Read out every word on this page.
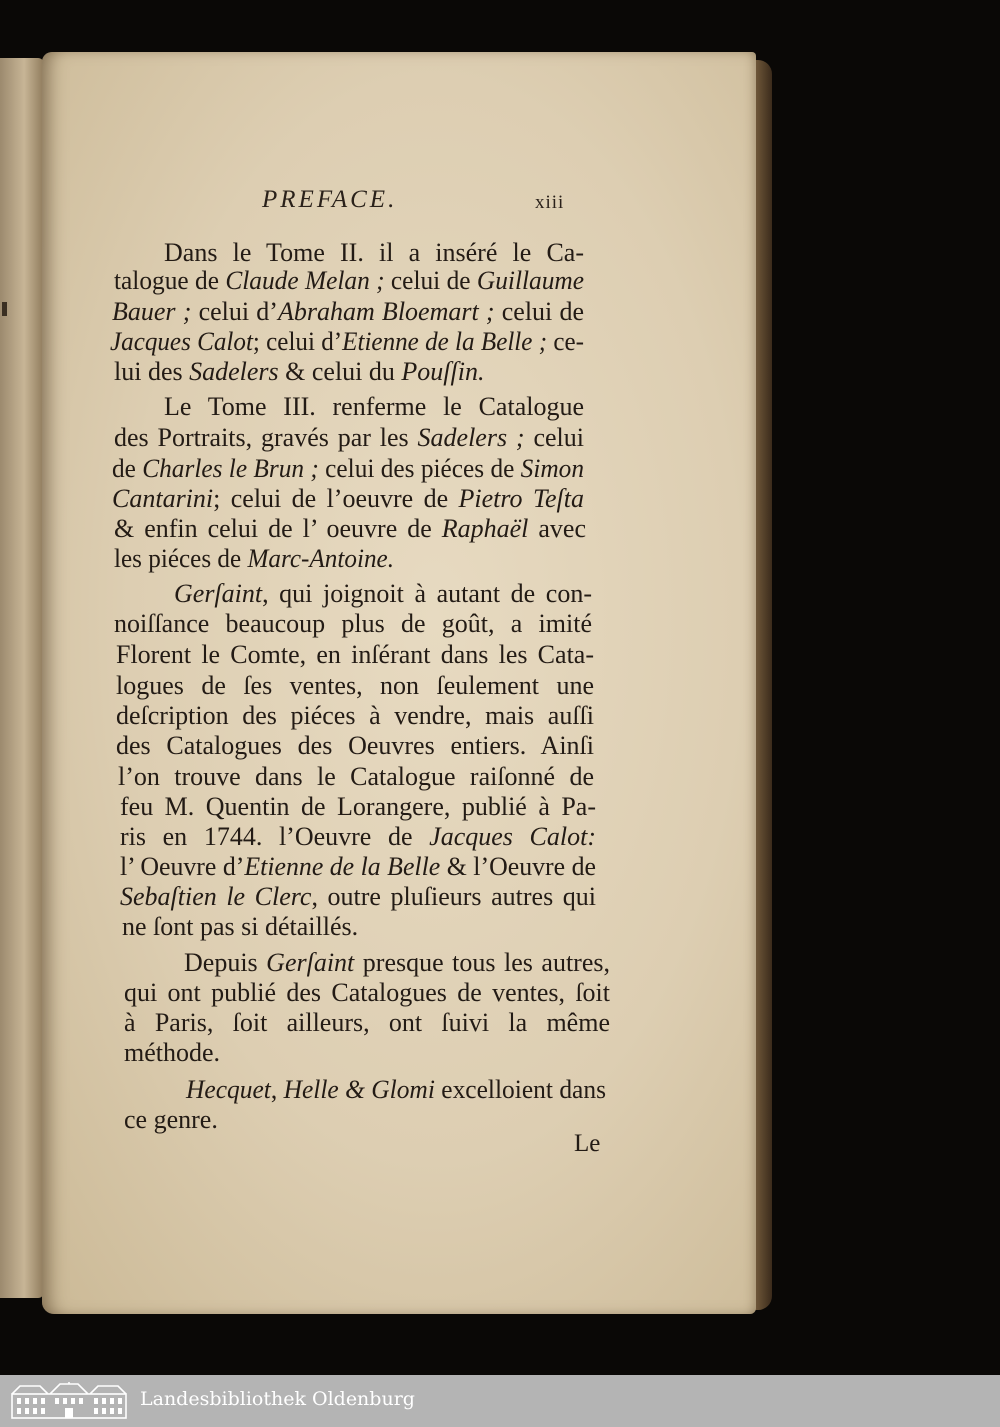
PREFACE.	xiii
Dans le Tome II. il a inséré le Ca-
talogue de Claude Melan ; celui de Guillaume
Bauer ; celui d’Abraham Bloemart ; celui de
Jacques Calot; celui d’Etienne de la Belle ; ce-
lui des Sadelers & celui du Pouſſin.
Le Tome III. renferme le Catalogue
des Portraits, gravés par les Sadelers ; celui
de Charles le Brun ; celui des piéces de Simon
Cantarini; celui de l’oeuvre de Pietro Teſta
& enfin celui de l’ oeuvre de Raphaël avec
les piéces de Marc-Antoine.
Gerſaint, qui joignoit à autant de con-
noiſſance beaucoup plus de goût, a imité
Florent le Comte, en inſérant dans les Cata-
logues de ſes ventes, non ſeulement une
deſcription des piéces à vendre, mais auſſi
des Catalogues des Oeuvres entiers. Ainſi
l’on trouve dans le Catalogue raiſonné de
feu M. Quentin de Lorangere, publié à Pa-
ris en 1744. l’Oeuvre de Jacques Calot:
l’ Oeuvre d’Etienne de la Belle & l’Oeuvre de
Sebaſtien le Clerc, outre pluſieurs autres qui
ne ſont pas si détaillés.
Depuis Gerſaint presque tous les autres,
qui ont publié des Catalogues de ventes, ſoit
à Paris, ſoit ailleurs, ont ſuivi la même
méthode.
Hecquet, Helle & Glomi excelloient dans
ce genre.
Le
Landesbibliothek Oldenburg
